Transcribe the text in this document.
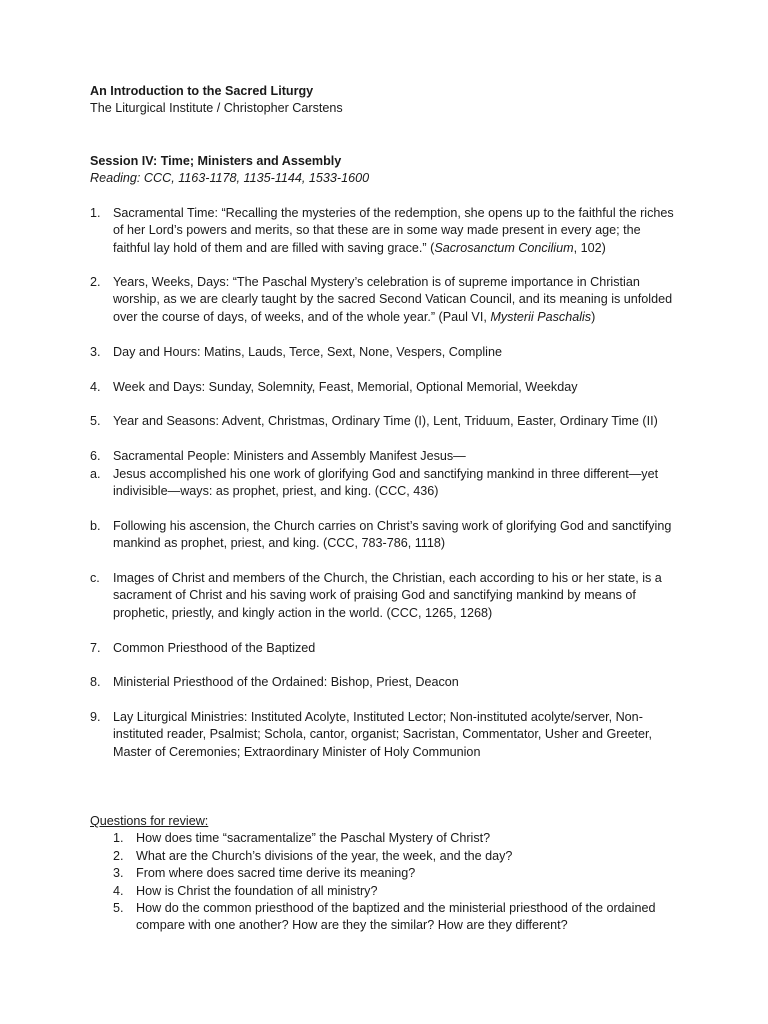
An Introduction to the Sacred Liturgy
The Liturgical Institute / Christopher Carstens
Session IV: Time; Ministers and Assembly
Reading: CCC, 1163-1178, 1135-1144, 1533-1600
1. Sacramental Time: “Recalling the mysteries of the redemption, she opens up to the faithful the riches of her Lord’s powers and merits, so that these are in some way made present in every age; the faithful lay hold of them and are filled with saving grace.” (Sacrosanctum Concilium, 102)
2. Years, Weeks, Days: “The Paschal Mystery’s celebration is of supreme importance in Christian worship, as we are clearly taught by the sacred Second Vatican Council, and its meaning is unfolded over the course of days, of weeks, and of the whole year.” (Paul VI, Mysterii Paschalis)
3. Day and Hours: Matins, Lauds, Terce, Sext, None, Vespers, Compline
4. Week and Days: Sunday, Solemnity, Feast, Memorial, Optional Memorial, Weekday
5. Year and Seasons: Advent, Christmas, Ordinary Time (I), Lent, Triduum, Easter, Ordinary Time (II)
6. Sacramental People: Ministers and Assembly Manifest Jesus—
a. Jesus accomplished his one work of glorifying God and sanctifying mankind in three different—yet indivisible—ways: as prophet, priest, and king. (CCC, 436)
b. Following his ascension, the Church carries on Christ’s saving work of glorifying God and sanctifying mankind as prophet, priest, and king. (CCC, 783-786, 1118)
c. Images of Christ and members of the Church, the Christian, each according to his or her state, is a sacrament of Christ and his saving work of praising God and sanctifying mankind by means of prophetic, priestly, and kingly action in the world. (CCC, 1265, 1268)
7. Common Priesthood of the Baptized
8. Ministerial Priesthood of the Ordained: Bishop, Priest, Deacon
9. Lay Liturgical Ministries: Instituted Acolyte, Instituted Lector; Non-instituted acolyte/server, Non-instituted reader, Psalmist; Schola, cantor, organist; Sacristan, Commentator, Usher and Greeter, Master of Ceremonies; Extraordinary Minister of Holy Communion
Questions for review:
1. How does time “sacramentalize” the Paschal Mystery of Christ?
2. What are the Church’s divisions of the year, the week, and the day?
3. From where does sacred time derive its meaning?
4. How is Christ the foundation of all ministry?
5. How do the common priesthood of the baptized and the ministerial priesthood of the ordained compare with one another? How are they the similar? How are they different?
